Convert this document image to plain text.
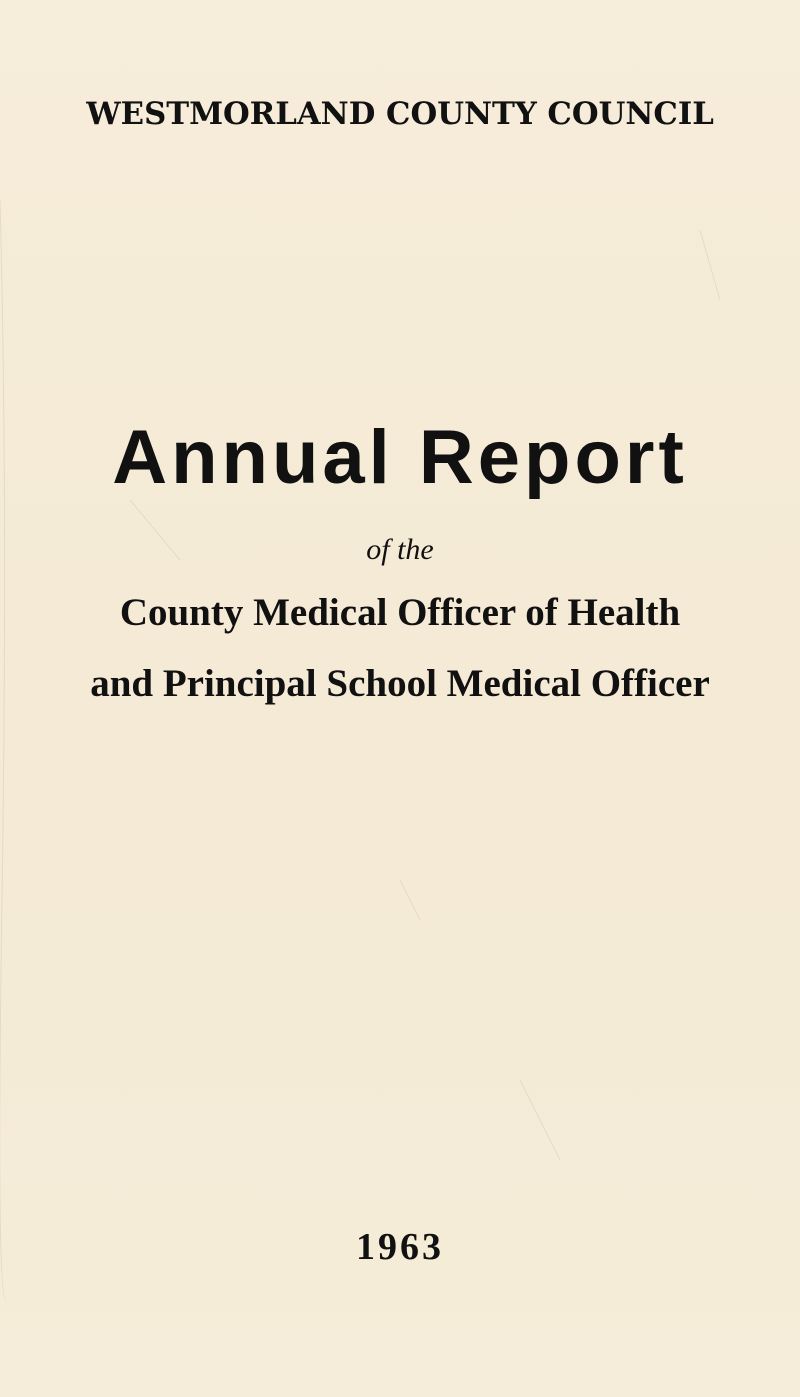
WESTMORLAND COUNTY COUNCIL
Annual Report
of the
County Medical Officer of Health
and Principal School Medical Officer
1963
